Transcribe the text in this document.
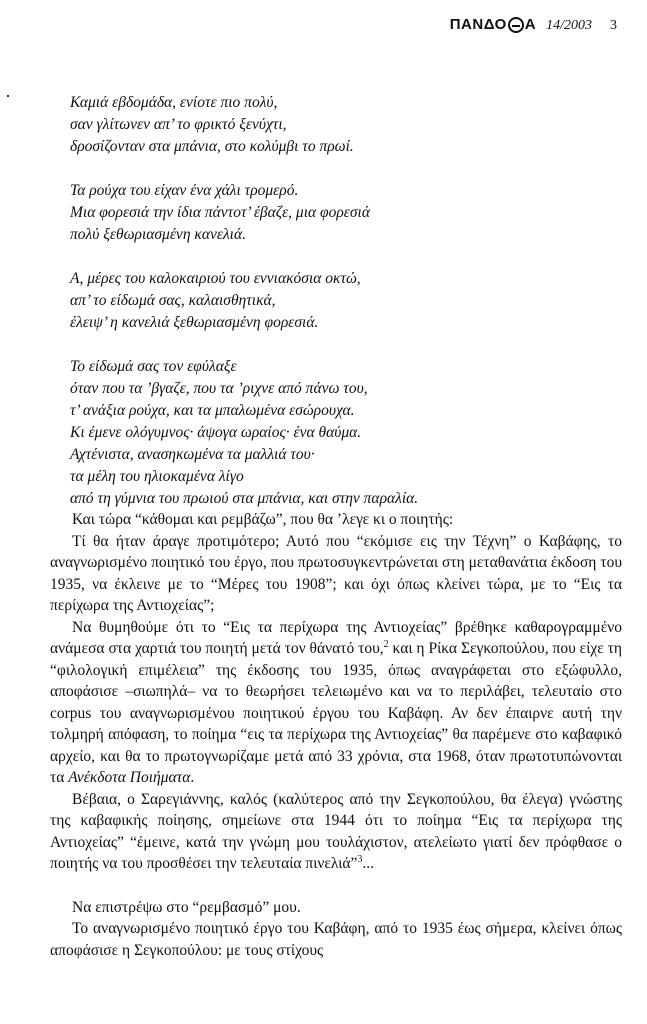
ΠΑΝΔΟ Α 14/2003 3
Καμιά εβδομάδα, ενίοτε πιο πολύ,
σαν γλίτωνεν απ’ το φρικτό ξενύχτι,
δροσίζονταν στα μπάνια, στο κολύμβι το πρωί.
Τα ρούχα του είχαν ένα χάλι τρομερό.
Μια φορεσιά την ίδια πάντοτ’ έβαζε, μια φορεσιά
πολύ ξεθωριασμένη κανελιά.
Α, μέρες του καλοκαιριού του εννιακόσια οκτώ,
απ’ το είδωμά σας, καλαισθητικά,
έλειψ’ η κανελιά ξεθωριασμένη φορεσιά.
Το είδωμά σας τον εφύλαξε
όταν που τα ’βγαζε, που τα ’ριχνε από πάνω του,
τ’ ανάξια ρούχα, και τα μπαλωμένα εσώρουχα.
Κι έμενε ολόγυμνος· άψογα ωραίος· ένα θαύμα.
Αχτένιστα, ανασηκωμένα τα μαλλιά του·
τα μέλη του ηλιοκαμένα λίγο
από τη γύμνια του πρωιού στα μπάνια, και στην παραλία.

Και τώρα “κάθομαι και ρεμβάζω”, που θα ’λεγε κι ο ποιητής:

Τί θα ήταν άραγε προτιμότερο; Αυτό που “εκόμισε εις την Τέχνη” ο Καβάφης, το αναγνωρισμένο ποιητικό του έργο, που πρωτοσυγκεντρώνεται στη μεταθανάτια έκδοση του 1935, να έκλεινε με το “Μέρες του 1908”; και όχι όπως κλείνει τώρα, με το “Εις τα περίχωρα της Αντιοχείας”;

Να θυμηθούμε ότι το “Εις τα περίχωρα της Αντιοχείας” βρέθηκε καθαρογραμμένο ανάμεσα στα χαρτιά του ποιητή μετά τον θάνατό του,$^2$ και η Ρίκα Σεγκοπούλου, που είχε τη “φιλολογική επιμέλεια” της έκδοσης του 1935, όπως αναγράφεται στο εξώφυλλο, αποφάσισε –σιωπηλά– να το θεωρήσει τελειωμένο και να το περιλάβει, τελευταίο στο corpus του αναγνωρισμένου ποιητικού έργου του Καβάφη. Αν δεν έπαιρνε αυτή την τολμηρή απόφαση, το ποίημα “εις τα περίχωρα της Αντιοχείας” θα παρέμενε στο καβαφικό αρχείο, και θα το πρωτογνωρίζαμε μετά από 33 χρόνια, στα 1968, όταν πρωτοτυπώνονται τα Ανέκδοτα Ποιήματα.

Βέβαια, ο Σαρεγιάννης, καλός (καλύτερος από την Σεγκοπούλου, θα έλεγα) γνώστης της καβαφικής ποίησης, σημείωνε στα 1944 ότι το ποίημα “Εις τα περίχωρα της Αντιοχείας” “έμεινε, κατά την γνώμη μου τουλάχιστον, ατελείωτο γιατί δεν πρόφθασε ο ποιητής να του προσθέσει την τελευταία πινελιά”$^3$...

Να επιστρέψω στο “ρεμβασμό” μου.

Το αναγνωρισμένο ποιητικό έργο του Καβάφη, από το 1935 έως σήμερα, κλείνει όπως αποφάσισε η Σεγκοπούλου: με τους στίχους
